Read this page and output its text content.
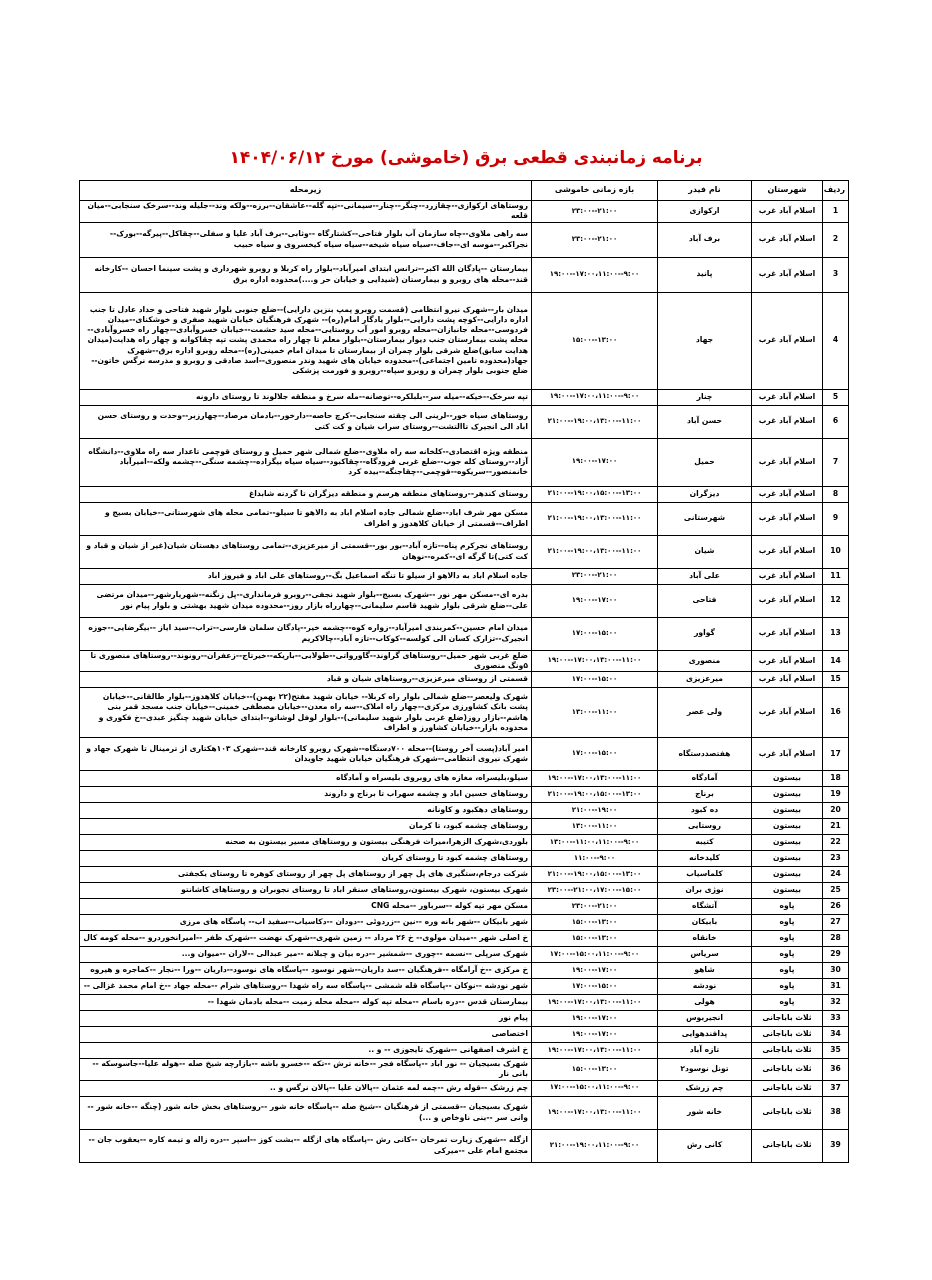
برنامه زمانبندی قطعی برق (خاموشی) مورخ ۱۴۰۴/۰۶/۱۲
ردیف	شهرستان	نام فیدر	بازه زمانی خاموشی	زیرمحله
1	اسلام آباد غرب	ارکوازی	۲۳:۰۰--۲۱:۰۰	روستاهای ارکوازی--چقازرد--چنگر--چنار--سیمانی--تپه گله--عاشقان--برزه--ولکه وند--جلیله وند--سرخک سنجابی--میان قلعه
2	اسلام آباد غرب	برف آباد	۲۳:۰۰--۲۱:۰۰	سه راهی ملاوی--چاه سازمان آب بلوار فتاحی--کشتارگاه --وثابی--برف آباد علیا و سفلی--چقاکل--پیرگه--بورک--نجراکبر--موسه ای--جاف--سیاه سیاه شیخه--سیاه سیاه کیخسروی و سیاه حبیب
3	اسلام آباد غرب	پانید	۱۹:۰۰--۱۷:۰۰،۱۱:۰۰--۹:۰۰	بیمارستان --پادگان الله اکبر--ترانس ابتدای امیرآباد--بلوار راه کربلا و روبرو شهرداری و پشت سینما احسان --کارخانه قند--محله های روبرو و بیمارستان (شیدایی و خیابان حر و....)محدوده اداره برق
4	اسلام آباد غرب	جهاد	۱۵:۰۰--۱۳:۰۰	میدان بار--شهرک نیرو انتظامی (قسمت روبرو پمپ بنزین دارایی)--ضلع جنوبی بلوار شهید فتاحی و حداد عادل تا جنب اداره دارایی--کوچه پشت دارایی--بلوار یادگار امام(ره)-- شهرک فرهنگیان خیابان شهید صفری و خوشکنای--میدان فردوسی--محله جانبازان--محله روبرو امور آب روستایی--محله سید حشمت--خیابان خسروآبادی--چهار راه خسروآبادی--محله پشت بیمارستان جنب دیوار بیمارستان--بلوار معلم تا چهار راه محمدی پشت تپه چقاکوانه و چهار راه هدایت(میدان هدایت سابق)ضلع شرقی بلوار چمران از بیمارستان تا میدان امام خمینی(ره)--محله روبرو اداره برق--شهرک جهاد(محدوده تامین اجتماعی)--محدوده خیابان های شهید وندر منصوری--اسد صادقی و روبرو و مدرسه نرگس خاتون--ضلع جنوبی بلوار چمران و روبرو سپاه--روبرو و فورمت پزشکی
5	اسلام آباد غرب	چنار	۱۹:۰۰--۱۷:۰۰،۱۱:۰۰--۹:۰۰	تپه سرخک--خیکه--میله سر--بلبلکره--توصانه--مله سرخ و منطقه جلالوند تا روستای دارونه
6	اسلام آباد غرب	حسن آباد	۲۱:۰۰--۱۹:۰۰،۱۳:۰۰--۱۱:۰۰	روستاهای سیاه خور--لرینی الی چقته سنجابی--کرچ حاصه--دارخور--بادمان مرصاد--چهارزبر--وحدت و روستای حسن اباد الی انجیرک تاالتشت--روستای سراب شیان و کت کتی
7	اسلام آباد غرب	حمیل	۱۹:۰۰--۱۷:۰۰	منطقه ویژه اقتصادی--کلخانه سه راه ملاوی--ضلع شمالی شهر حمیل و روستای قوچمی تاعدار سه راه ملاوی--دانشگاه آزاد--روستای کله جوب--ضلع غربی فرودگاه--چقاکبود--سیاه سیاه بیگزاده--چشمه سنگی--چشمه ولکه--امیرآباد خانمنصور--سریکوه--قوچمی--چقاجنگه--بیده کرد
8	اسلام آباد غرب	دیزگران	۲۱:۰۰--۱۹:۰۰،۱۵:۰۰--۱۳:۰۰	روستای کندهر--روستاهای منطقه هرسم و منطقه دیزگران تا گردنه شابداغ
9	اسلام آباد غرب	شهرستانی	۲۱:۰۰--۱۹:۰۰،۱۳:۰۰--۱۱:۰۰	مسکن مهر شرف اباد--ضلع شمالی جاده اسلام اباد به دالاهو تا سیلو--تمامی محله های شهرستانی--خیابان بسیج و اطراف--قسمتی از خیابان کلاهدوز و اطراف
10	اسلام آباد غرب	شیان	۲۱:۰۰--۱۹:۰۰،۱۳:۰۰--۱۱:۰۰	روستاهای نجرکرم پناه--تازه آباد--بور بور--قسمتی از میرعزیزی--تمامی روستاهای دهستان شیان(غیر از شیان و قباد و کت کتی)تا گرگه ای--کمره--نوهان
11	اسلام آباد غرب	علی آباد	۲۳:۰۰--۲۱:۰۰	جاده اسلام اباد به دالاهو از سیلو تا تنگه اسماعیل بگ--روستاهای علی اباد و فیروز اباد
12	اسلام آباد غرب	فتاحی	۱۹:۰۰--۱۷:۰۰	بدره ای--مسکن مهر نور --شهرک بسیج--بلوار شهید نجفی--روبرو فرمانداری--پل زنگنه--شهریارشهر--میدان مرتضی علی--ضلع شرقی بلوار شهید قاسم سلیمانی--چهارراه بازار روز--محدوده میدان شهید بهشتی و بلوار پیام نور
13	اسلام آباد غرب	گواور	۱۷:۰۰--۱۵:۰۰	میدان امام حسین--کمربندی امیرآباد--زواره کوه--چشمه خیر--پادگان سلمان فارسی--تراب--سید ایاز --بیگرضایی--جوزه انجیرک--تزارک کسان الی کولسه--کوکاب--تازه آباد--چالاکریم
14	اسلام آباد غرب	منصوری	۱۹:۰۰--۱۷:۰۰،۱۳:۰۰--۱۱:۰۰	ضلع غربی شهر حمیل--روستاهای گراوند--گاورواتی--طولابی--باریکه--خیرتاج--زعفران--رونوند--روستاهای منصوری تا ۵ونگ منصوری
15	اسلام آباد غرب	میرعزیزی	۱۷:۰۰--۱۵:۰۰	قسمتی از روستای میرعزیزی--روستاهای شیان و قباد
16	اسلام آباد غرب	ولی عصر	۱۳:۰۰--۱۱:۰۰	شهرک ولیعصر--ضلع شمالی بلوار راه کربلا-- خیابان شهید مفتح(۲۲ بهمن)--خیابان کلاهدوز--بلوار طالقانی--خیابان پشت بانک کشاورزی مرکزی--چهار راه املاک--سه راه معدن--خیابان مصطفی خمینی--خیابان جنب مسجد قمر بنی هاشم--بازار روز(ضلع غربی بلوار شهید سلیمانی)--بلوار لوفل لوشاتو--ابتدای خیابان شهید چنگیز عبدی--خ فکوری و محدوده بازار--خیابان کشاورز و اطراف
17	اسلام آباد غرب	هفتصددستگاه	۱۷:۰۰--۱۵:۰۰	امیر آباد(پست آخر روستا)--محله ۷۰۰دستگاه--شهرک روبرو کارخانه قند--شهرک ۱۰۳هکتاری از ترمینال تا شهرک جهاد و شهرک نیروی انتظامی--شهرک فرهنگیان خیابان شهید جاویدان
18	بیستون	آمادگاه	۱۹:۰۰--۱۷:۰۰،۱۳:۰۰--۱۱:۰۰	سیلو،بلیسراه، مغازه های روبروی بلیسراه و آمادگاه
19	بیستون	برناج	۲۱:۰۰--۱۹:۰۰،۱۵:۰۰--۱۳:۰۰	روستاهای حسین اباد و چشمه سهراب تا برناج و داروند
20	بیستون	ده کبود	۲۱:۰۰--۱۹:۰۰	روستاهای دهکبود و کاونانه
21	بیستون	روستایی	۱۳:۰۰--۱۱:۰۰	روستاهای چشمه کبود، تا کرمان
22	بیستون	کتیبه	۱۳:۰۰--۱۱:۰۰،۱۱:۰۰--۹:۰۰	بلوردی،شهرک الزهرا،میراث فرهنگی بیستون و روستاهای مسیر بیستون به صحنه
23	بیستون	کلیدخانه	۱۱:۰۰--۹:۰۰	روستاهای چشمه کبود تا روستای کریان
24	بیستون	کلماسیاب	۲۱:۰۰--۱۹:۰۰،۱۵:۰۰--۱۳:۰۰	شرکت درجام،ستگیری های پل چهر از روستاهای پل چهر از روستای کوهره تا روستای یکجفتی
25	بیستون	نوژی بران	۲۳:۰۰--۲۱:۰۰،۱۷:۰۰--۱۵:۰۰	شهرک بیستون، شهرک بیستون،روستاهای سنقر اباد تا روستای نجوبران و روستاهای کاشانتو
26	پاوه	آتشگاه	۲۳:۰۰--۲۱:۰۰	مسکن مهر تپه کوله --سرباور --محله CNG
27	پاوه	بابیکان	۱۵:۰۰--۱۳:۰۰	شهر بابیکان --شهر بانه وره --نین --زردوئی --دودان --دکاسیاب--سفید اب-- پاسگاه های مرزی
28	پاوه	خانقاه	۱۵:۰۰--۱۳:۰۰	خ اصلی شهر --میدان مولوی-- خ ۲۶ مرداد -- زمین شهری--شهرک نهضت --شهرک ظفر --امیرانخوردرو --محله کومه کال
29	پاوه	سریاس	۱۷:۰۰--۱۵:۰۰،۱۱:۰۰--۹:۰۰	شهرک سرپلی --نسمه --چوری --شمشیر --دره بیان و چبلانه --میر عبدالی --لاران --میوان و...
30	پاوه	شاهو	۱۹:۰۰--۱۷:۰۰	خ مرکزی --خ آرامگاه --فرهنگیان --سد داریان--شهر نوسود --پاسگاه های نوسود--داریان --ورا --نجار --کماجره و هیروه
31	پاوه	نودشه	۱۷:۰۰--۱۵:۰۰	شهر نودشه --نوکان --پاسگاه قله شمشی --پاسگاه سه راه شهدا --روستاهای شرام --محله جهاد --خ امام محمد غزالی --
32	پاوه	هولی	۱۹:۰۰--۱۷:۰۰،۱۳:۰۰--۱۱:۰۰	بیمارستان قدس --دره باسام --محله تپه کوله --محله محله زمیت --محله بادمان شهدا --
33	ثلاث باباجانی	انجیربوس	۱۹:۰۰--۱۷:۰۰	پیام نور
34	ثلاث باباجانی	پدافندهوایی	۱۹:۰۰--۱۷:۰۰	اختصاصی
35	ثلاث باباجانی	تازه آباد	۱۹:۰۰--۱۷:۰۰،۱۳:۰۰--۱۱:۰۰	خ اشرف اصفهانی --شهرک تایجوزی -- و ..
36	ثلاث باباجانی	تونل نوسود۲	۱۵:۰۰--۱۳:۰۰	شهرک بسیجیان -- نور اباد --پاسگاه فجر --خانه ترش --تکه --خسرو باشه --بازارچه شیخ صله --هوله علیا--جاسوسکه --بانی نار
37	ثلاث باباجانی	چم زرشک	۱۷:۰۰--۱۵:۰۰،۱۱:۰۰--۹:۰۰	چم زرشک --قوله رش --چمه لمه عثمان --پالان علیا --پالان نرگس و ..
38	ثلاث باباجانی	خانه شور	۱۹:۰۰--۱۷:۰۰،۱۳:۰۰--۱۱:۰۰	شهرک بسیجیان --قسمتی از فرهنگیان --شیخ صله --پاسگاه خانه شور --روستاهای بخش خانه شور (چنگه --خانه شور --وانی سر --بنی ناوخاص و ...)
39	ثلاث باباجانی	کانی رش	۲۱:۰۰--۱۹:۰۰،۱۱:۰۰--۹:۰۰	ازگله --شهرک زیارت تمرخان --کانی رش --پاسگاه های ازگله --بشت کوز --اسپر --دره زاله و تیمه کاره --یعقوب جان --مجتمع امام علی --میرکی
